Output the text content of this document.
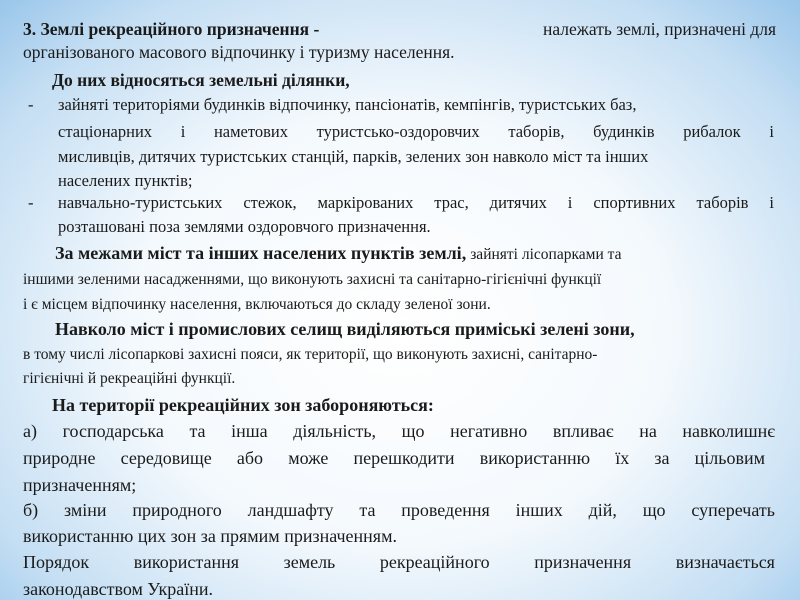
3. Землі рекреаційного призначення -	належать землі, призначені для
організованого масового відпочинку і туризму населення.
До них відносяться земельні ділянки,
- зайняті територіями будинків відпочинку, пансіонатів, кемпінгів, туристських баз,
стаціонарних і наметових туристсько-оздоровчих таборів, будинків рибалок і
мисливців, дитячих туристських станцій, парків, зелених зон навколо міст та інших
населених пунктів;
- навчально-туристських стежок, маркірованих трас, дитячих і спортивних таборів і
розташовані поза землями оздоровчого призначення.
За межами міст та інших населених пунктів землі, зайняті лісопарками та
іншими зеленими насадженнями, що виконують захисні та санітарно-гігієнічні функції
і є місцем відпочинку населення, включаються до складу зеленої зони.
Навколо міст і промислових селищ виділяються приміські зелені зони,
в тому числі лісопаркові захисні пояси, як території, що виконують захисні, санітарно-
гігієнічні й рекреаційні функції.
На території рекреаційних зон забороняються:
а) господарська та інша діяльність, що негативно впливає на навколишнє
природне середовище або може перешкодити використанню їх за цільовим
призначенням;
б) зміни природного ландшафту та проведення інших дій, що суперечать
використанню цих зон за прямим призначенням.
Порядок використання земель рекреаційного призначення визначається
законодавством України.
